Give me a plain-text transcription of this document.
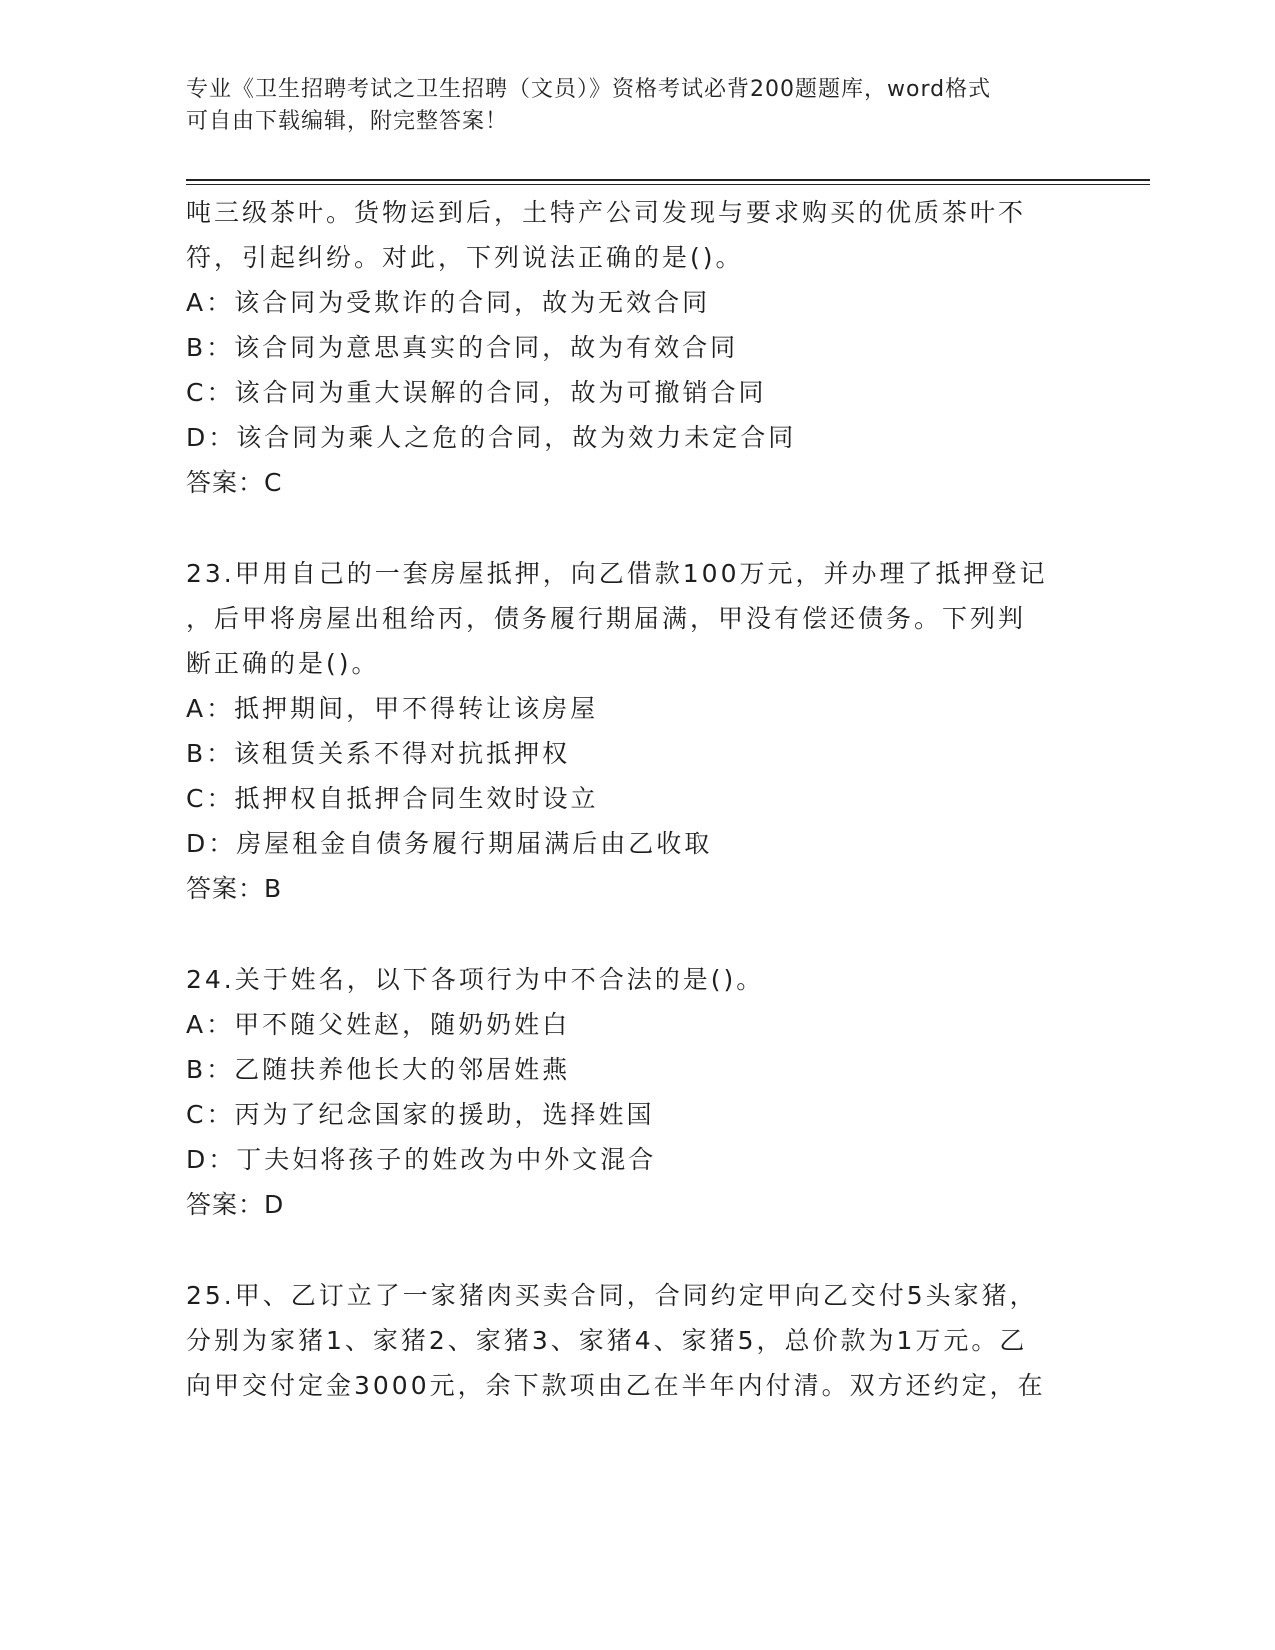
专业《卫生招聘考试之卫生招聘（文员）》资格考试必背200题题库，word格式
可自由下载编辑，附完整答案！
吨三级茶叶。货物运到后，土特产公司发现与要求购买的优质茶叶不
符，引起纠纷。对此，下列说法正确的是()。
A：该合同为受欺诈的合同，故为无效合同
B：该合同为意思真实的合同，故为有效合同
C：该合同为重大误解的合同，故为可撤销合同
D：该合同为乘人之危的合同，故为效力未定合同
答案：C
23.甲用自己的一套房屋抵押，向乙借款100万元，并办理了抵押登记
，后甲将房屋出租给丙，债务履行期届满，甲没有偿还债务。下列判
断正确的是()。
A：抵押期间，甲不得转让该房屋
B：该租赁关系不得对抗抵押权
C：抵押权自抵押合同生效时设立
D：房屋租金自债务履行期届满后由乙收取
答案：B
24.关于姓名，以下各项行为中不合法的是()。
A：甲不随父姓赵，随奶奶姓白
B：乙随扶养他长大的邻居姓燕
C：丙为了纪念国家的援助，选择姓国
D：丁夫妇将孩子的姓改为中外文混合
答案：D
25.甲、乙订立了一家猪肉买卖合同，合同约定甲向乙交付5头家猪，
分别为家猪1、家猪2、家猪3、家猪4、家猪5，总价款为1万元。乙
向甲交付定金3000元，余下款项由乙在半年内付清。双方还约定，在
